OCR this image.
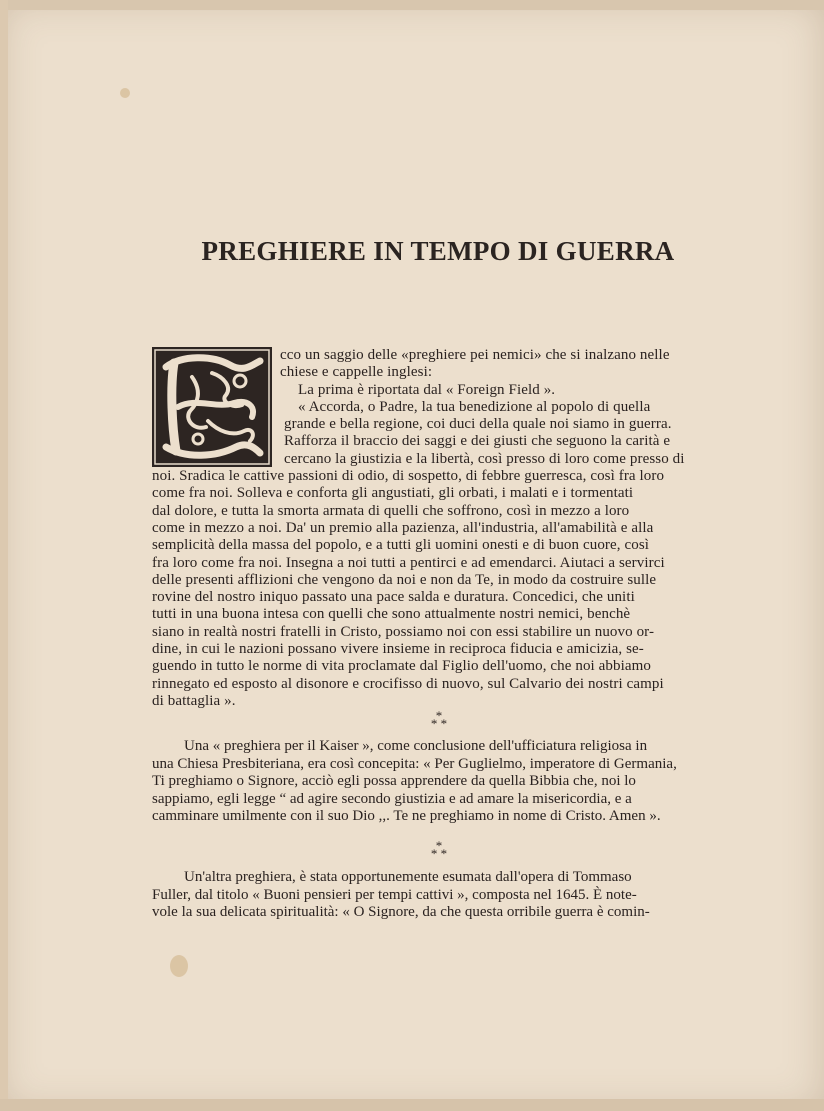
PREGHIERE IN TEMPO DI GUERRA
cco un saggio delle «preghiere pei nemici» che si inalzano nelle
chiese e cappelle inglesi:
La prima è riportata dal « Foreign Field ».
« Accorda, o Padre, la tua benedizione al popolo di quella
grande e bella regione, coi duci della quale noi siamo in guerra.
Rafforza il braccio dei saggi e dei giusti che seguono la carità e
cercano la giustizia e la libertà, così presso di loro come presso di
noi. Sradica le cattive passioni di odio, di sospetto, di febbre guerresca, così fra loro
come fra noi. Solleva e conforta gli angustiati, gli orbati, i malati e i tormentati
dal dolore, e tutta la smorta armata di quelli che soffrono, così in mezzo a loro
come in mezzo a noi. Da' un premio alla pazienza, all'industria, all'amabilità e alla
semplicità della massa del popolo, e a tutti gli uomini onesti e di buon cuore, così
fra loro come fra noi. Insegna a noi tutti a pentirci e ad emendarci. Aiutaci a servirci
delle presenti afflizioni che vengono da noi e non da Te, in modo da costruire sulle
rovine del nostro iniquo passato una pace salda e duratura. Concedici, che uniti
tutti in una buona intesa con quelli che sono attualmente nostri nemici, benchè
siano in realtà nostri fratelli in Cristo, possiamo noi con essi stabilire un nuovo or-
dine, in cui le nazioni possano vivere insieme in reciproca fiducia e amicizia, se-
guendo in tutto le norme di vita proclamate dal Figlio dell'uomo, che noi abbiamo
rinnegato ed esposto al disonore e crocifisso di nuovo, sul Calvario dei nostri campi
di battaglia ».
*
* *
Una « preghiera per il Kaiser », come conclusione dell'ufficiatura religiosa in
una Chiesa Presbiteriana, era così concepita: « Per Guglielmo, imperatore di Germania,
Ti preghiamo o Signore, acciò egli possa apprendere da quella Bibbia che, noi lo
sappiamo, egli legge “ ad agire secondo giustizia e ad amare la misericordia, e a
camminare umilmente con il suo Dio ,,. Te ne preghiamo in nome di Cristo. Amen ».
*
* *
Un'altra preghiera, è stata opportunemente esumata dall'opera di Tommaso
Fuller, dal titolo « Buoni pensieri per tempi cattivi », composta nel 1645. È note-
vole la sua delicata spiritualità: « O Signore, da che questa orribile guerra è comin-
